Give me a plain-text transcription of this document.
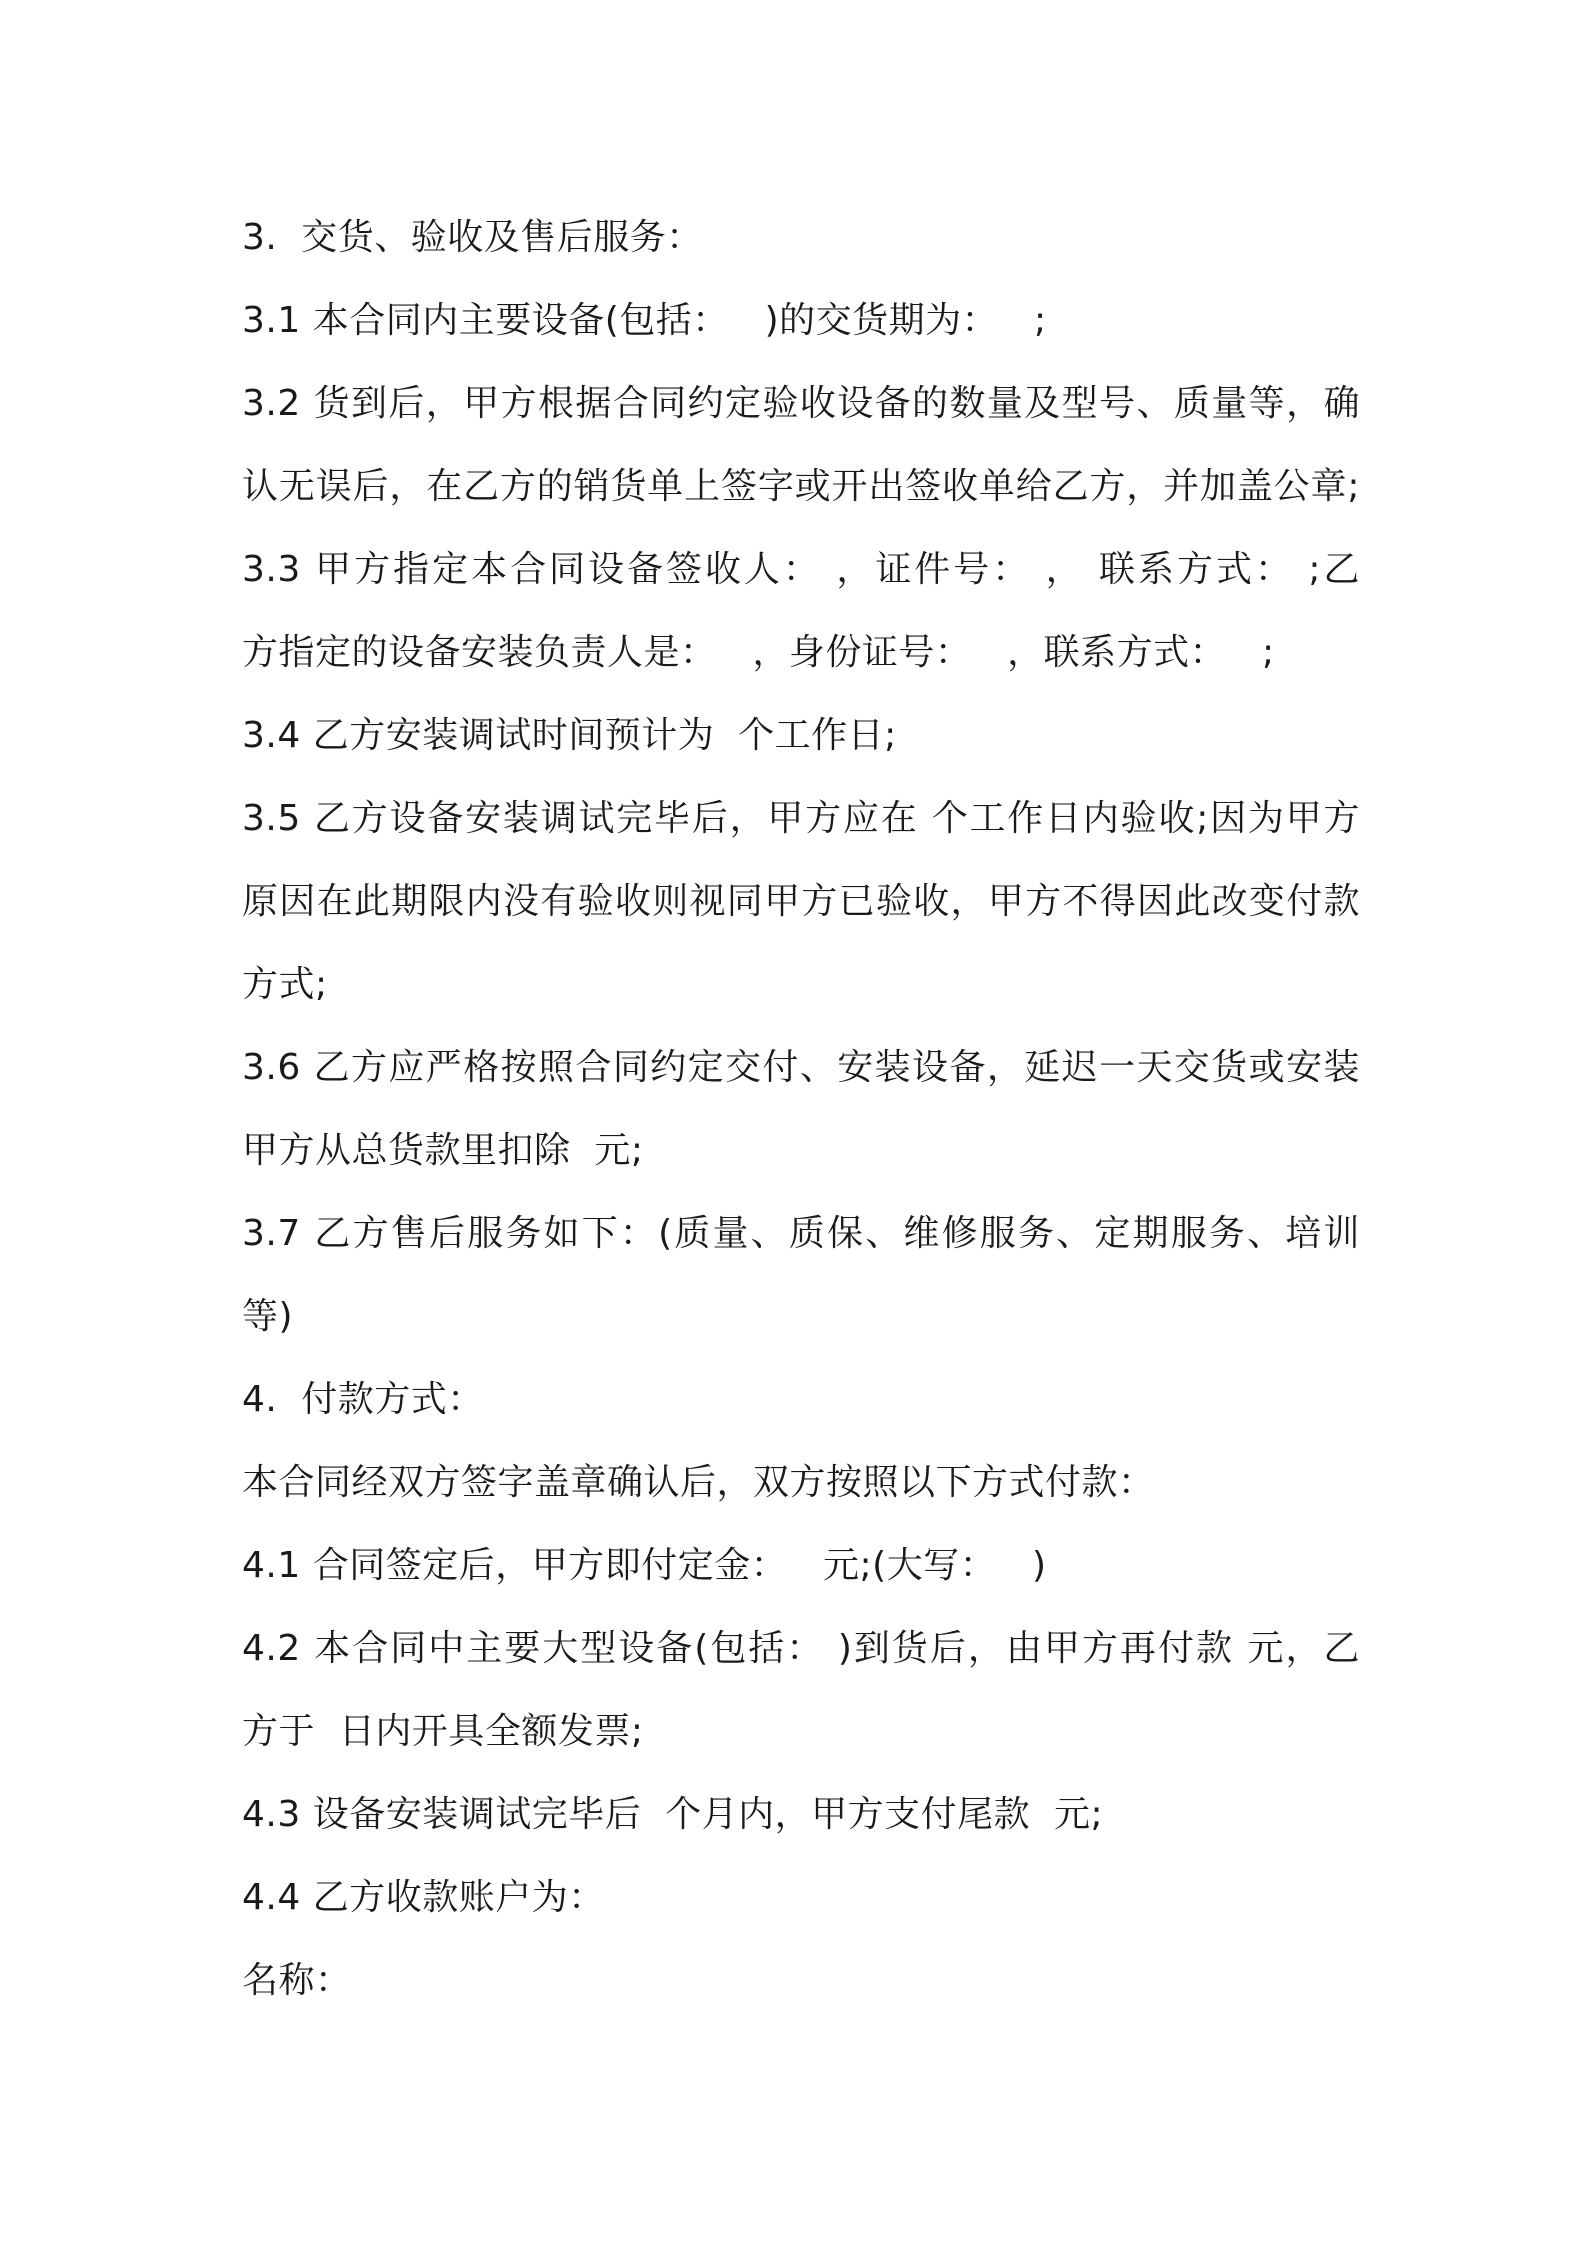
3.  交货、验收及售后服务：
3.1 本合同内主要设备(包括：   )的交货期为：   ;
3.2 货到后，甲方根据合同约定验收设备的数量及型号、质量等，确
认无误后，在乙方的销货单上签字或开出签收单给乙方，并加盖公章;
3.3 甲方指定本合同设备签收人： ，证件号： ， 联系方式： ;乙
方指定的设备安装负责人是：   ，身份证号：   ，联系方式：   ;
3.4 乙方安装调试时间预计为  个工作日;
3.5 乙方设备安装调试完毕后，甲方应在 个工作日内验收;因为甲方
原因在此期限内没有验收则视同甲方已验收，甲方不得因此改变付款
方式;
3.6 乙方应严格按照合同约定交付、安装设备，延迟一天交货或安装
甲方从总货款里扣除  元;
3.7 乙方售后服务如下：(质量、质保、维修服务、定期服务、培训
等)
4.  付款方式：
本合同经双方签字盖章确认后，双方按照以下方式付款：
4.1 合同签定后，甲方即付定金：   元;(大写：   )
4.2 本合同中主要大型设备(包括： )到货后，由甲方再付款 元，乙
方于  日内开具全额发票;
4.3 设备安装调试完毕后  个月内，甲方支付尾款  元;
4.4 乙方收款账户为：
名称：
